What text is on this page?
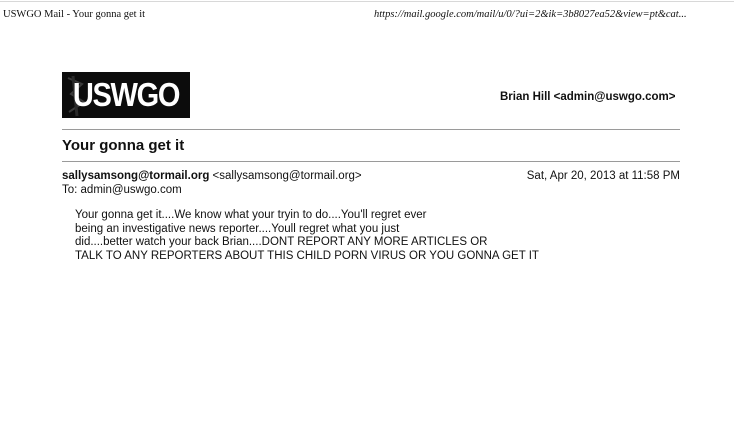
USWGO Mail - Your gonna get it	https://mail.google.com/mail/u/0/?ui=2&ik=3b8027ea52&view=pt&cat...
USWGO	Brian Hill <admin@uswgo.com>
Your gonna get it
sallysamsong@tormail.org <sallysamsong@tormail.org>	Sat, Apr 20, 2013 at 11:58 PM
To: admin@uswgo.com
Your gonna get it....We know what your tryin to do....You'll regret ever
being an investigative news reporter....Youll regret what you just
did....better watch your back Brian....DONT REPORT ANY MORE ARTICLES OR
TALK TO ANY REPORTERS ABOUT THIS CHILD PORN VIRUS OR YOU GONNA GET IT
